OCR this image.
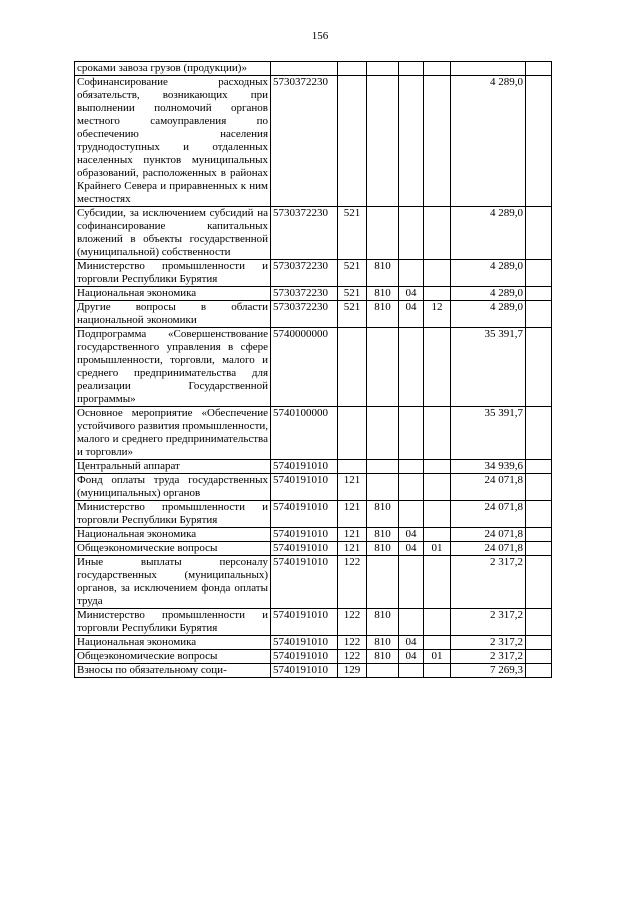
156
сроками завоза грузов (продукции)»							
Софинансирование расходных обязательств, возникающих при выполнении полномочий органов местного самоуправления по обеспечению населения труднодоступных и отдаленных населенных пунктов муниципальных образований, расположенных в районах Крайнего Севера и приравненных к ним местностях	5730372230					4 289,0	
Субсидии, за исключением субсидий на софинансирование капитальных вложений в объекты государственной (муниципальной) собственности	5730372230	521				4 289,0	
Министерство промышленности и торговли Республики Бурятия	5730372230	521	810			4 289,0	
Национальная экономика	5730372230	521	810	04		4 289,0	
Другие вопросы в области национальной экономики	5730372230	521	810	04	12	4 289,0	
Подпрограмма «Совершенствование государственного управления в сфере промышленности, торговли, малого и среднего предпринимательства для реализации Государственной программы»	5740000000					35 391,7	
Основное мероприятие «Обеспечение устойчивого развития промышленности, малого и среднего предпринимательства и торговли»	5740100000					35 391,7	
Центральный аппарат	5740191010					34 939,6	
Фонд оплаты труда государственных (муниципальных) органов	5740191010	121				24 071,8	
Министерство промышленности и торговли Республики Бурятия	5740191010	121	810			24 071,8	
Национальная экономика	5740191010	121	810	04		24 071,8	
Общеэкономические вопросы	5740191010	121	810	04	01	24 071,8	
Иные выплаты персоналу государственных (муниципальных) органов, за исключением фонда оплаты труда	5740191010	122				2 317,2	
Министерство промышленности и торговли Республики Бурятия	5740191010	122	810			2 317,2	
Национальная экономика	5740191010	122	810	04		2 317,2	
Общеэкономические вопросы	5740191010	122	810	04	01	2 317,2	
Взносы по обязательному соци-	5740191010	129				7 269,3	
